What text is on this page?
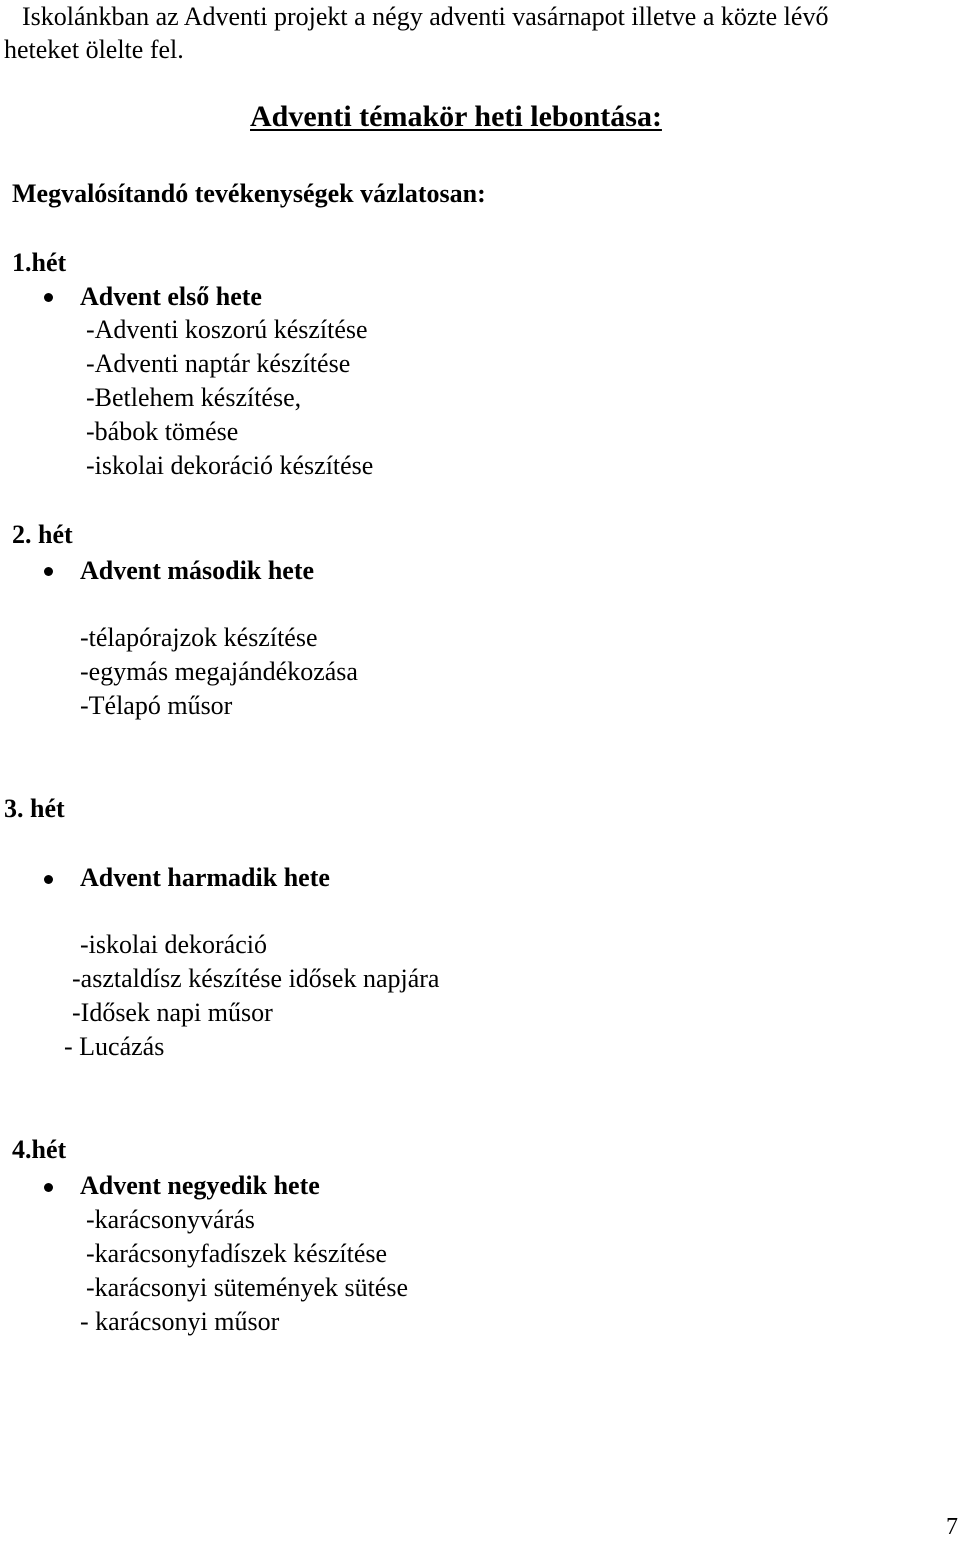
Iskolánkban az Adventi projekt a négy adventi vasárnapot illetve a közte lévő
heteket ölelte fel.
Adventi témakör heti lebontása:
Megvalósítandó tevékenységek vázlatosan:
1.hét
Advent első hete
-Adventi koszorú készítése
-Adventi naptár készítése
-Betlehem készítése,
-bábok tömése
-iskolai dekoráció készítése
2. hét
Advent második hete
-télapórajzok készítése
-egymás megajándékozása
-Télapó műsor
3. hét
Advent harmadik hete
-iskolai dekoráció
-asztaldísz készítése idősek napjára
-Idősek napi műsor
- Lucázás
4.hét
Advent negyedik hete
-karácsonyvárás
-karácsonyfadíszek készítése
-karácsonyi sütemények sütése
- karácsonyi műsor
7
